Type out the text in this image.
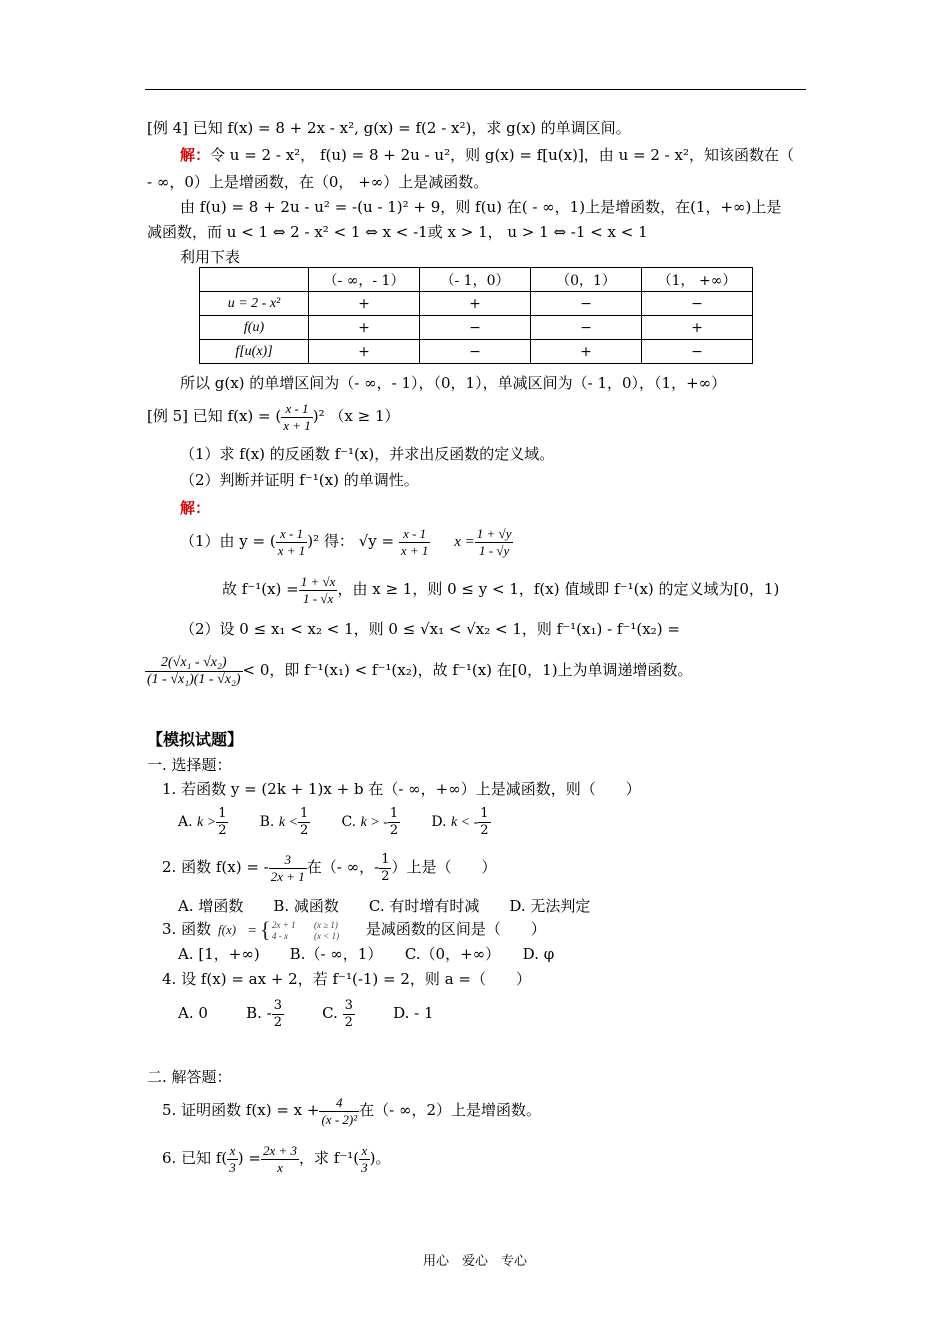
[例 4] 已知 f(x) = 8 + 2x - x², g(x) = f(2 - x²)，求 g(x) 的单调区间。
解：令 u = 2 - x²， f(u) = 8 + 2u - u²，则 g(x) = f[u(x)]，由 u = 2 - x²，知该函数在（
- ∞，0）上是增函数，在（0， +∞）上是减函数。
由 f(u) = 8 + 2u - u² = -(u - 1)² + 9，则 f(u) 在( - ∞，1)上是增函数，在(1，+∞)上是
减函数，而 u < 1 ⇔ 2 - x² < 1 ⇔ x < -1或 x > 1， u > 1 ⇔ -1 < x < 1
利用下表
	（- ∞，- 1）	（- 1，0）	（0，1）	（1， +∞）
u = 2 - x²	+	+	−	−
f(u)	+	−	−	+
f[u(x)]	+	−	+	−
所以 g(x) 的单增区间为（- ∞，- 1），（0，1），单减区间为（- 1，0），（1，+∞）
[例 5] 已知 f(x) = ( $\frac{x - 1}{x + 1} )^2$ （x ≥ 1）
（1）求 f(x) 的反函数 f⁻¹(x)，并求出反函数的定义域。
（2）判断并证明 f⁻¹(x) 的单调性。
解：
（1）由 y = ( $\frac{x - 1}{x + 1} )^2$ 得： $√y = \frac{x - 1}{x + 1}$ $x = \frac{1 + √y}{1 - √y}$
故 $f^{-1}(x) = \frac{1 + √x}{1 - √x}$ ，由 x ≥ 1，则 0 ≤ y < 1，f(x) 值域即 f⁻¹(x) 的定义域为[0，1)
（2）设 0 ≤ x₁ < x₂ < 1，则 0 ≤ √x₁ < √x₂ < 1，则 f⁻¹(x₁) - f⁻¹(x₂) =
$\frac{\text{2(√x₁ - √x₂)}}{\text{(1 - √x₁)(1 - √x₂)}} < 0$，即 f⁻¹(x₁) < f⁻¹(x₂)，故 f⁻¹(x) 在[0，1)上为单调递增函数。
【模拟试题】
一. 选择题：
1. 若函数 y = (2k + 1)x + b 在（- ∞，+∞）上是减函数，则（　　）
A. $k > \frac{1}{2} B$. $k < \frac{1}{2} C$. k > - $\frac{1}{2} D$. k < - $\frac{1}{2}$
2. 函数 f(x) = - $\frac{3}{2x + 1}$ 在（- ∞，- $\frac{1}{2}$ ）上是（　　）
A. 增函数　　B. 减函数　　C. 有时增有时减　　D. 无法判定
3. 函数 f(x) = { 2x + 1
4 - x
(x ≥ 1)
(x < 1) 是减函数的区间是（　　）
A. [1，+∞)　　B.（- ∞，1）　　C.（0，+∞）　　D. φ
4. 设 f(x) = ax + 2，若 f⁻¹(-1) = 2，则 a =（　　）
A. 0	B. - $\frac{3}{2}$	C. $\frac{3}{2}$	D. - 1
二. 解答题：
5. 证明函数 $f(x) = x + \frac{4}{\text{(x - 2)²}}$ 在（- ∞，2）上是增函数。
6. 已知 $f( \frac{x}{3}$ ) = $\frac{2x + 3}{x}$ ，求 $f^{-1}( \frac{x}{3}$ )。
用心　爱心　专心
